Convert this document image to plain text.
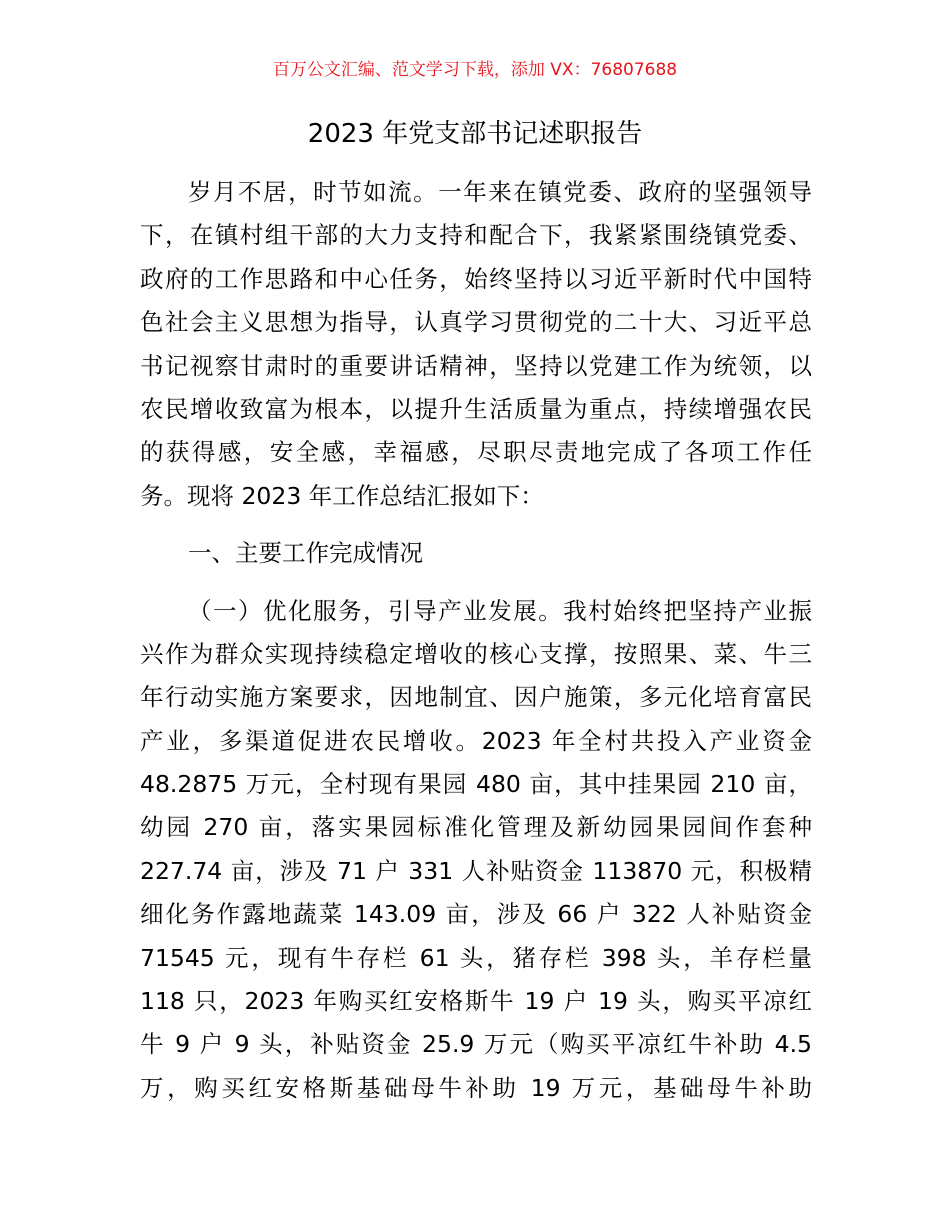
百万公文汇编、范文学习下载，添加 VX：76807688
2023 年党支部书记述职报告
岁月不居，时节如流。一年来在镇党委、政府的坚强领导
下，在镇村组干部的大力支持和配合下，我紧紧围绕镇党委、
政府的工作思路和中心任务，始终坚持以习近平新时代中国特
色社会主义思想为指导，认真学习贯彻党的二十大、习近平总
书记视察甘肃时的重要讲话精神，坚持以党建工作为统领，以
农民增收致富为根本，以提升生活质量为重点，持续增强农民
的获得感，安全感，幸福感，尽职尽责地完成了各项工作任
务。现将 2023 年工作总结汇报如下：
一、主要工作完成情况
（一）优化服务，引导产业发展。我村始终把坚持产业振
兴作为群众实现持续稳定增收的核心支撑，按照果、菜、牛三
年行动实施方案要求，因地制宜、因户施策，多元化培育富民
产业，多渠道促进农民增收。2023 年全村共投入产业资金
48.2875 万元，全村现有果园 480 亩，其中挂果园 210 亩，
幼园 270 亩，落实果园标准化管理及新幼园果园间作套种
227.74 亩，涉及 71 户 331 人补贴资金 113870 元，积极精
细化务作露地蔬菜 143.09 亩，涉及 66 户 322 人补贴资金
71545 元，现有牛存栏 61 头，猪存栏 398 头，羊存栏量
118 只，2023 年购买红安格斯牛 19 户 19 头，购买平凉红
牛 9 户 9 头，补贴资金 25.9 万元（购买平凉红牛补助 4.5
万，购买红安格斯基础母牛补助 19 万元，基础母牛补助
